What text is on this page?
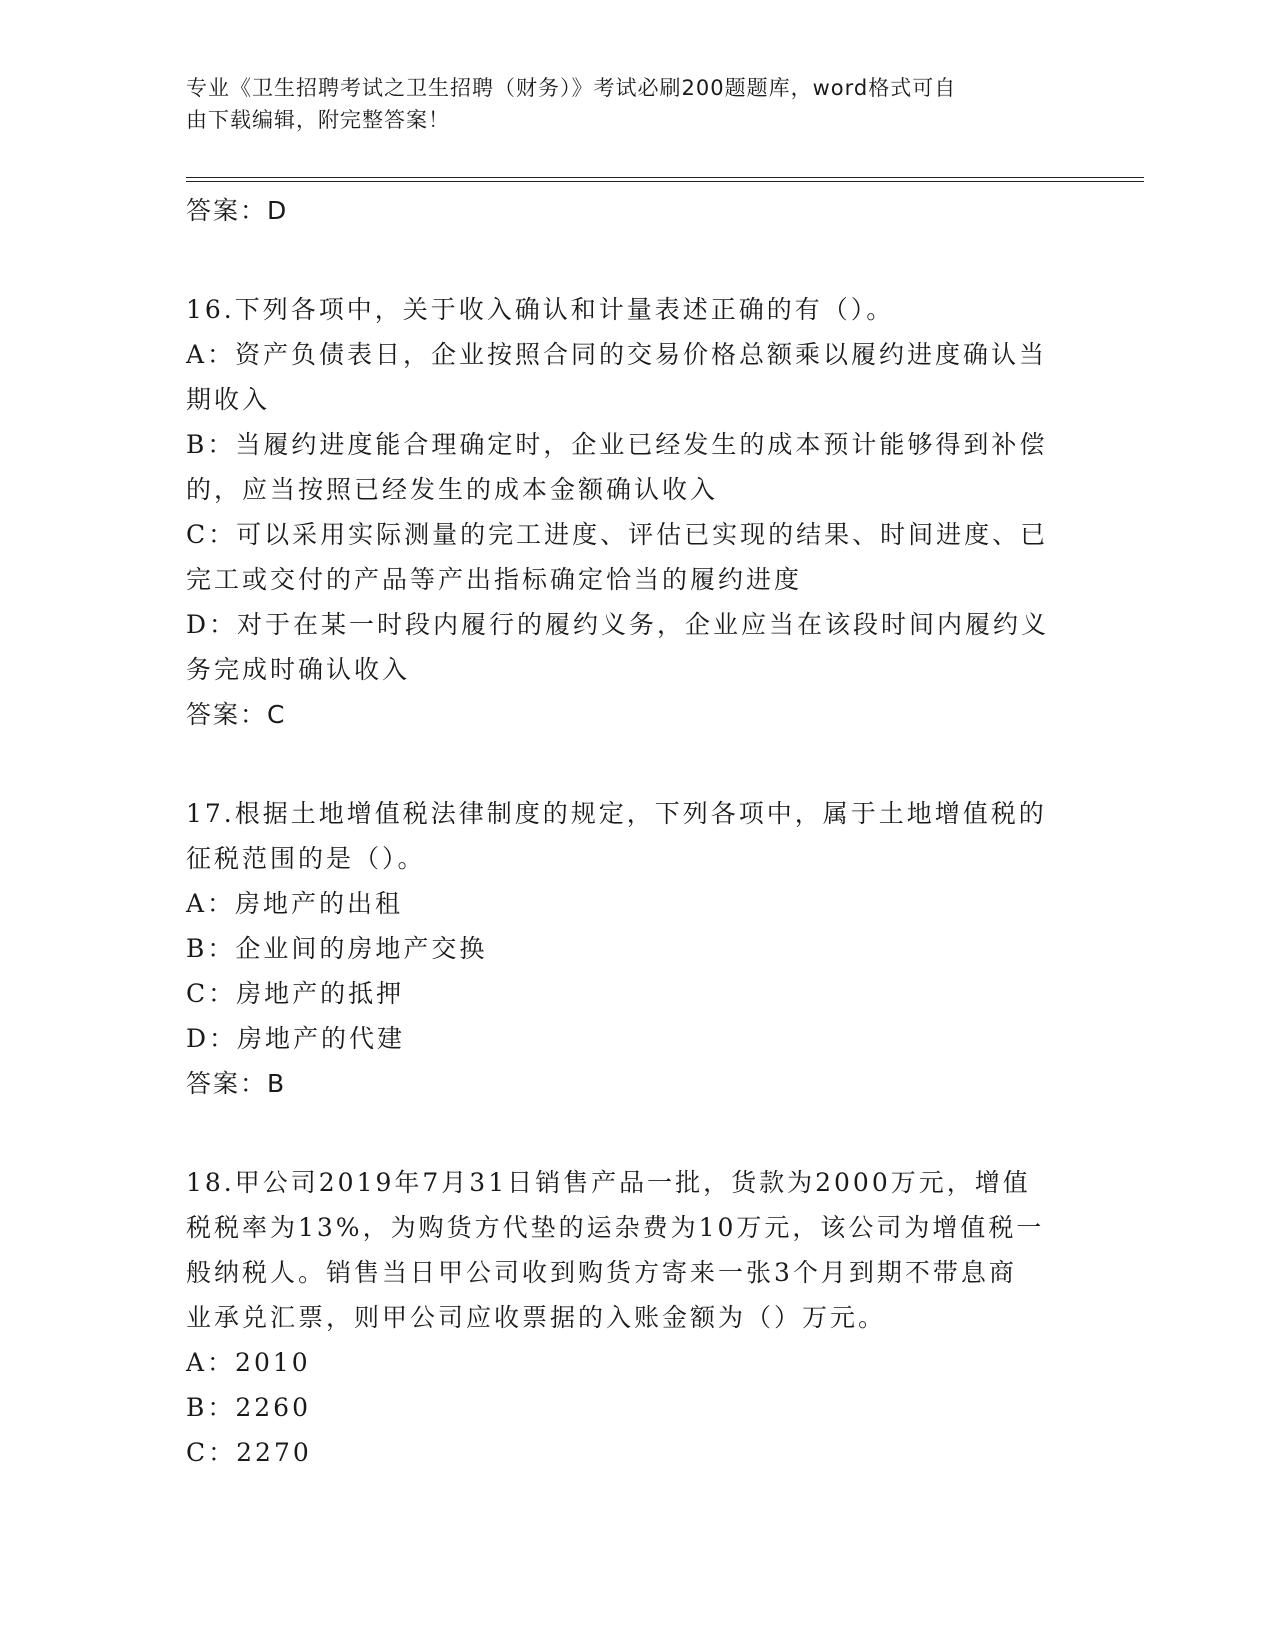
专业《卫生招聘考试之卫生招聘（财务）》考试必刷200题题库，word格式可自
由下载编辑，附完整答案！
答案：D
16.下列各项中，关于收入确认和计量表述正确的有（）。
A：资产负债表日，企业按照合同的交易价格总额乘以履约进度确认当
期收入
B：当履约进度能合理确定时，企业已经发生的成本预计能够得到补偿
的，应当按照已经发生的成本金额确认收入
C：可以采用实际测量的完工进度、评估已实现的结果、时间进度、已
完工或交付的产品等产出指标确定恰当的履约进度
D：对于在某一时段内履行的履约义务，企业应当在该段时间内履约义
务完成时确认收入
答案：C
17.根据土地增值税法律制度的规定，下列各项中，属于土地增值税的
征税范围的是（）。
A：房地产的出租
B：企业间的房地产交换
C：房地产的抵押
D：房地产的代建
答案：B
18.甲公司2019年7月31日销售产品一批，货款为2000万元，增值
税税率为13%，为购货方代垫的运杂费为10万元，该公司为增值税一
般纳税人。销售当日甲公司收到购货方寄来一张3个月到期不带息商
业承兑汇票，则甲公司应收票据的入账金额为（）万元。
A：2010
B：2260
C：2270
